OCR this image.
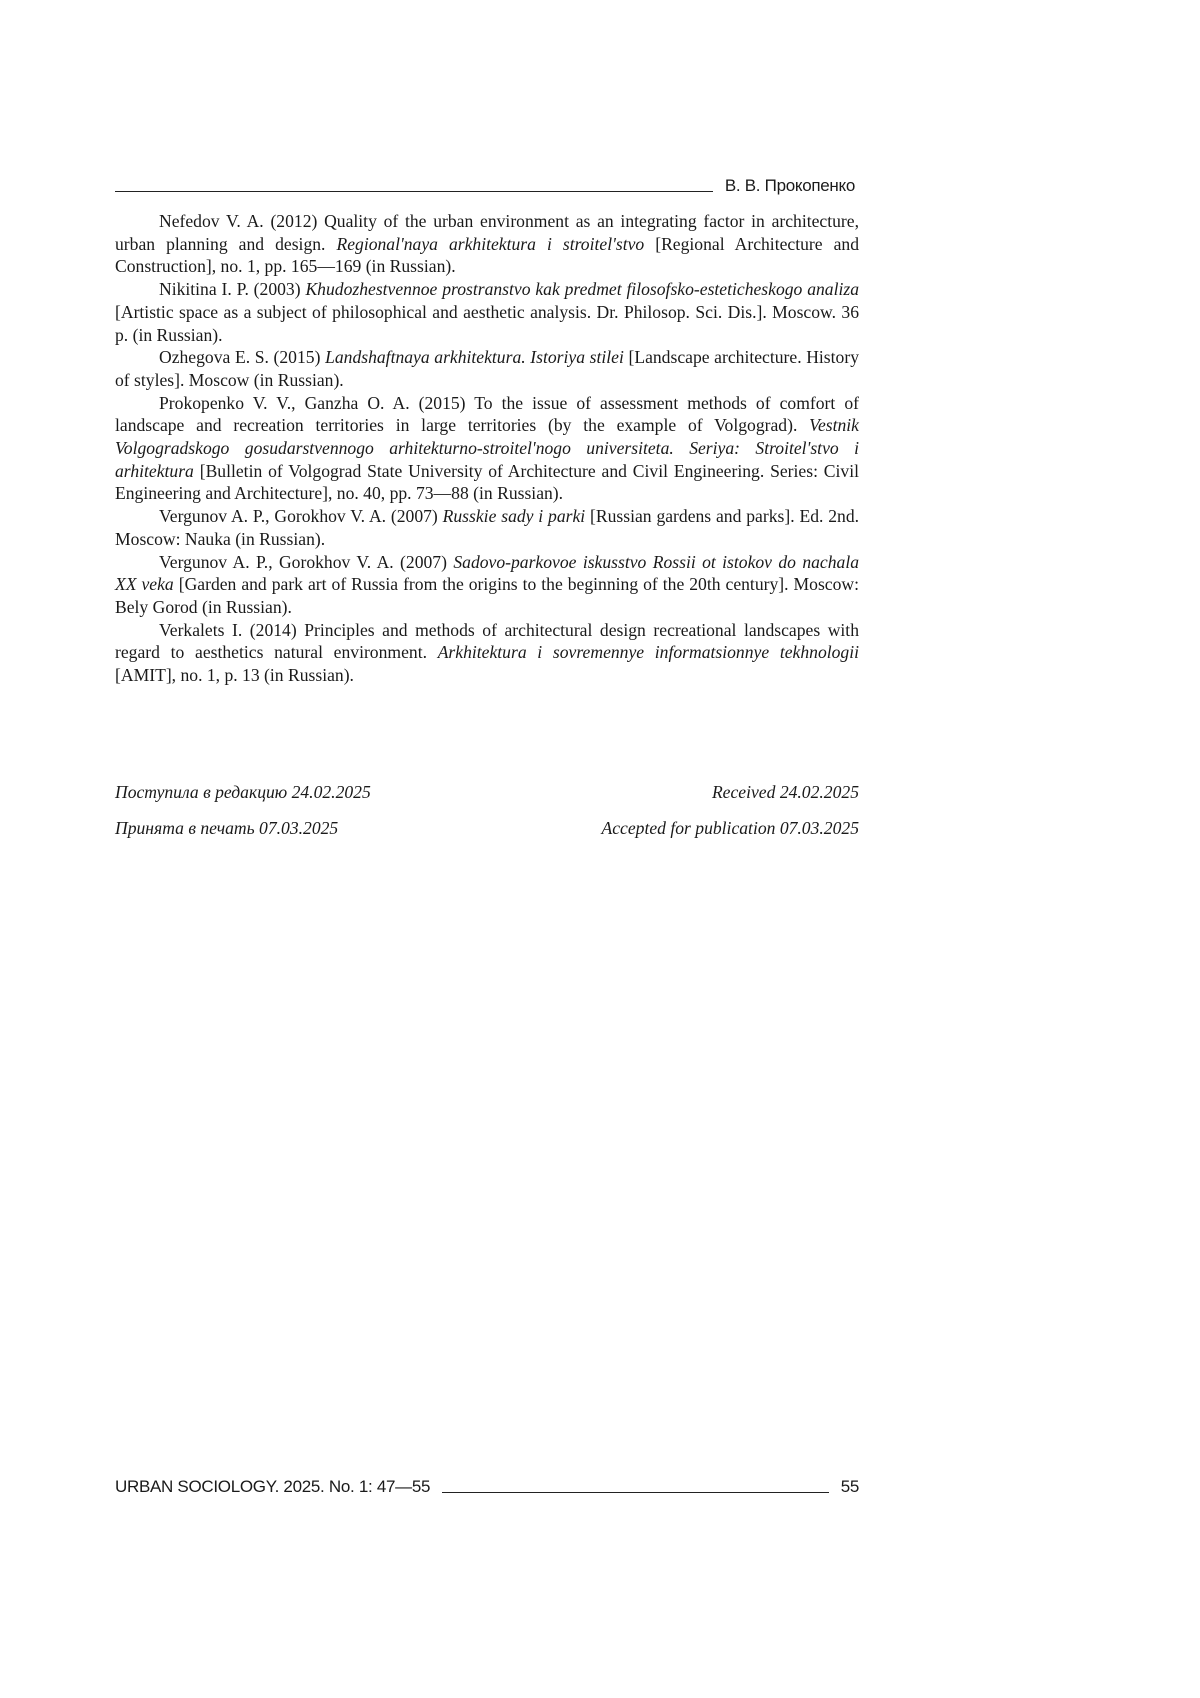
В. В. Прокопенко

Nefedov V. A. (2012) Quality of the urban environment as an integrating factor in architecture, urban planning and design. Regional'naya arkhitektura i stroitel'stvo [Regional Architecture and Construction], no. 1, pp. 165—169 (in Russian).

Nikitina I. P. (2003) Khudozhestvennoe prostranstvo kak predmet filosofsko-esteticheskogo analiza [Artistic space as a subject of philosophical and aesthetic analysis. Dr. Philosop. Sci. Dis.]. Moscow. 36 p. (in Russian).

Ozhegova E. S. (2015) Landshaftnaya arkhitektura. Istoriya stilei [Landscape architecture. History of styles]. Moscow (in Russian).

Prokopenko V. V., Ganzha O. A. (2015) To the issue of assessment methods of comfort of landscape and recreation territories in large territories (by the example of Volgograd). Vestnik Volgogradskogo gosudarstvennogo arhitekturno-stroitel'nogo universiteta. Seriya: Stroitel'stvo i arhitektura [Bulletin of Volgograd State University of Architecture and Civil Engineering. Series: Civil Engineering and Architecture], no. 40, pp. 73—88 (in Russian).

Vergunov A. P., Gorokhov V. A. (2007) Russkie sady i parki [Russian gardens and parks]. Ed. 2nd. Moscow: Nauka (in Russian).

Vergunov A. P., Gorokhov V. A. (2007) Sadovo-parkovoe iskusstvo Rossii ot istokov do nachala XX veka [Garden and park art of Russia from the origins to the beginning of the 20th century]. Moscow: Bely Gorod (in Russian).

Verkalets I. (2014) Principles and methods of architectural design recreational landscapes with regard to aesthetics natural environment. Arkhitektura i sovremennye informatsionnye tekhnologii [AMIT], no. 1, p. 13 (in Russian).

Поступила в редакцию 24.02.2025	Received 24.02.2025
Принята в печать 07.03.2025	Accepted for publication 07.03.2025
URBAN SOCIOLOGY. 2025. No. 1: 47—55	55
